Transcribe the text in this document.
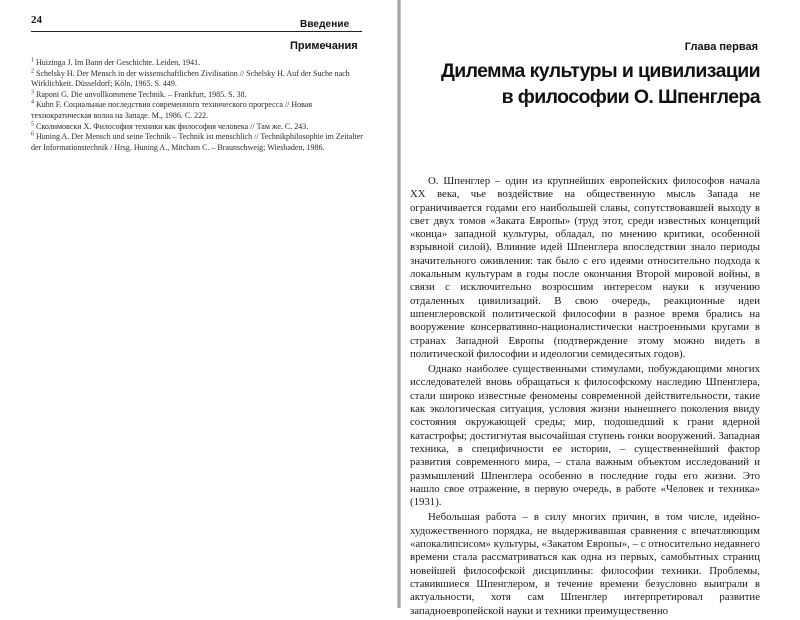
24	Введение
Примечания
$^1$ Huizinga J. Im Bann der Geschichte. Leiden, 1941.
$^2$ Schelsky H. Der Mensch in der wissenschaftlichen Zivilisation // Schelsky H. Auf der Suche nach Wirklichkeit. Düsseldorf; Köln, 1965. S. 449.
$^3$ Raponi G. Die unvollkommene Technik. – Frankfurt, 1985. S. 38.
$^4$ Kuhn F. Социальные последствия современного технического прогресса // Новая технократическая волна на Западе. М., 1986. С. 222.
$^5$ Сколимовски Х. Философия техники как философия человека // Там же. С. 243.
$^6$ Huning A. Der Mensch und seine Technik – Technik ist menschlich // Technikphilosophie im Zeitalter der Informationstechnik / Hrsg. Huning A., Mitcham C. – Braunschweig; Wiesbaden, 1986.
Глава первая
Дилемма культуры и цивилизации
в философии О. Шпенглера

О. Шпенглер – один из крупнейших европейских философов начала XX века, чье воздействие на общественную мысль Запада не ограничивается годами его наибольшей славы, сопутствовавшей выходу в свет двух томов «Заката Европы» (труд этот, среди известных концепций «конца» западной культуры, обладал, по мнению критики, особенной взрывной силой). Влияние идей Шпенглера впоследствии знало периоды значительного оживления: так было с его идеями относительно подхода к локальным культурам в годы после окончания Второй мировой войны, в связи с исключительно возросшим интересом науки к изучению отдаленных цивилизаций. В свою очередь, реакционные идеи шпенглеровской политической философии в разное время брались на вооружение консервативно-националистически настроенными кругами в странах Западной Европы (подтверждение этому можно видеть в политической философии и идеологии семидесятых годов).

Однако наиболее существенными стимулами, побуждающими многих исследователей вновь обращаться к философскому наследию Шпенглера, стали широко известные феномены современной действительности, такие как экологическая ситуация, условия жизни нынешнего поколения ввиду состояния окружающей среды; мир, подошедший к грани ядерной катастрофы; достигнутая высочайшая ступень гонки вооружений. Западная техника, в специфичности ее истории, – существеннейший фактор развития современного мира, – стала важным объектом исследований и размышлений Шпенглера особенно в последние годы его жизни. Это нашло свое отражение, в первую очередь, в работе «Человек и техника» (1931).

Небольшая работа – в силу многих причин, в том числе, идейно-художественного порядка, не выдерживавшая сравнения с впечатляющим «апокалипсисом» культуры, «Закатом Европы», – с относительно недавнего времени стала рассматриваться как одна из первых, самобытных страниц новейшей философской дисциплины: философии техники. Проблемы, ставившиеся Шпенглером, в течение времени безусловно выиграли в актуальности, хотя сам Шпенглер интерпретировал развитие западноевропейской науки и техники преимущественно
